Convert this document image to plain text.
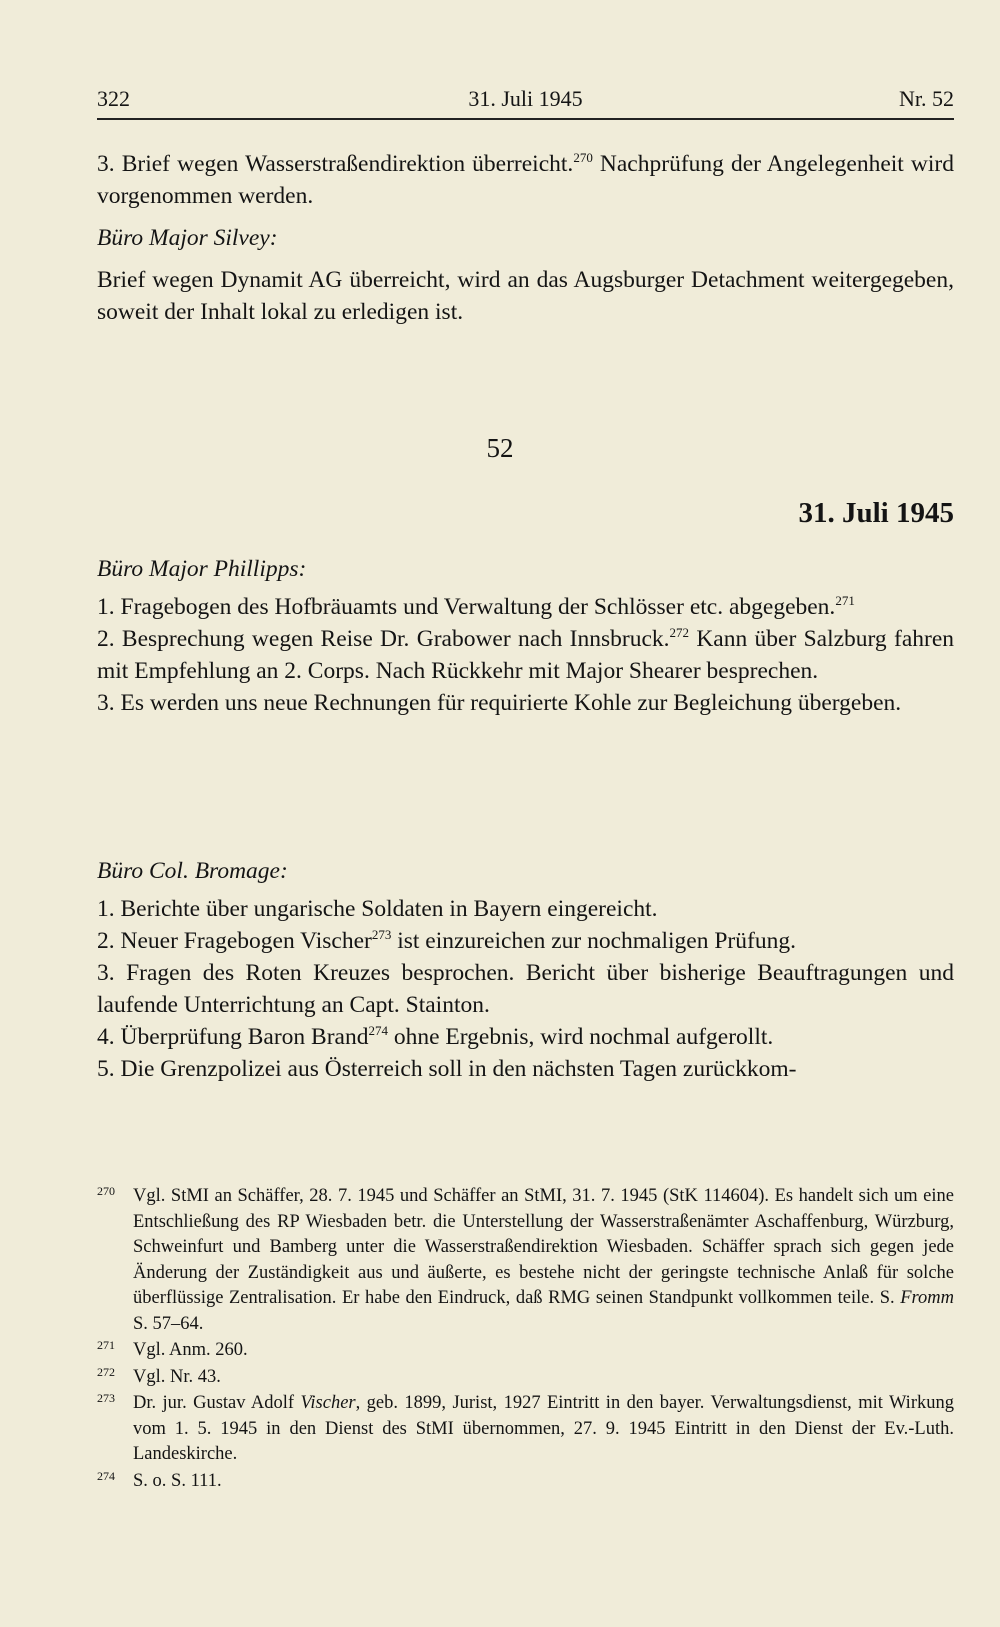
322	31. Juli 1945	Nr. 52

3. Brief wegen Wasserstraßendirektion überreicht.$^{270}$ Nachprüfung der Angelegenheit wird vorgenommen werden.

Büro Major Silvey:

Brief wegen Dynamit AG überreicht, wird an das Augsburger Detachment weitergegeben, soweit der Inhalt lokal zu erledigen ist.

52
31. Juli 1945

Büro Major Phillipps:

1. Fragebogen des Hofbräuamts und Verwaltung der Schlösser etc. abgegeben.$^{271}$

2. Besprechung wegen Reise Dr. Grabower nach Innsbruck.$^{272}$ Kann über Salzburg fahren mit Empfehlung an 2. Corps. Nach Rückkehr mit Major Shearer besprechen.

3. Es werden uns neue Rechnungen für requirierte Kohle zur Begleichung übergeben.

Büro Col. Bromage:

1. Berichte über ungarische Soldaten in Bayern eingereicht.

2. Neuer Fragebogen Vischer$^{273}$ ist einzureichen zur nochmaligen Prüfung.

3. Fragen des Roten Kreuzes besprochen. Bericht über bisherige Beauftragungen und laufende Unterrichtung an Capt. Stainton.

4. Überprüfung Baron Brand$^{274}$ ohne Ergebnis, wird nochmal aufgerollt.

5. Die Grenzpolizei aus Österreich soll in den nächsten Tagen zurückkom-

270 Vgl. StMI an Schäffer, 28. 7. 1945 und Schäffer an StMI, 31. 7. 1945 (StK 114604). Es handelt sich um eine Entschließung des RP Wiesbaden betr. die Unterstellung der Wasserstraßenämter Aschaffenburg, Würzburg, Schweinfurt und Bamberg unter die Wasserstraßendirektion Wiesbaden. Schäffer sprach sich gegen jede Änderung der Zuständigkeit aus und äußerte, es bestehe nicht der geringste technische Anlaß für solche überflüssige Zentralisation. Er habe den Eindruck, daß RMG seinen Standpunkt vollkommen teile. S. Fromm S. 57–64.
271 Vgl. Anm. 260.
272 Vgl. Nr. 43.
273 Dr. jur. Gustav Adolf Vischer, geb. 1899, Jurist, 1927 Eintritt in den bayer. Verwaltungsdienst, mit Wirkung vom 1. 5. 1945 in den Dienst des StMI übernommen, 27. 9. 1945 Eintritt in den Dienst der Ev.-Luth. Landeskirche.
274 S. o. S. 111.
